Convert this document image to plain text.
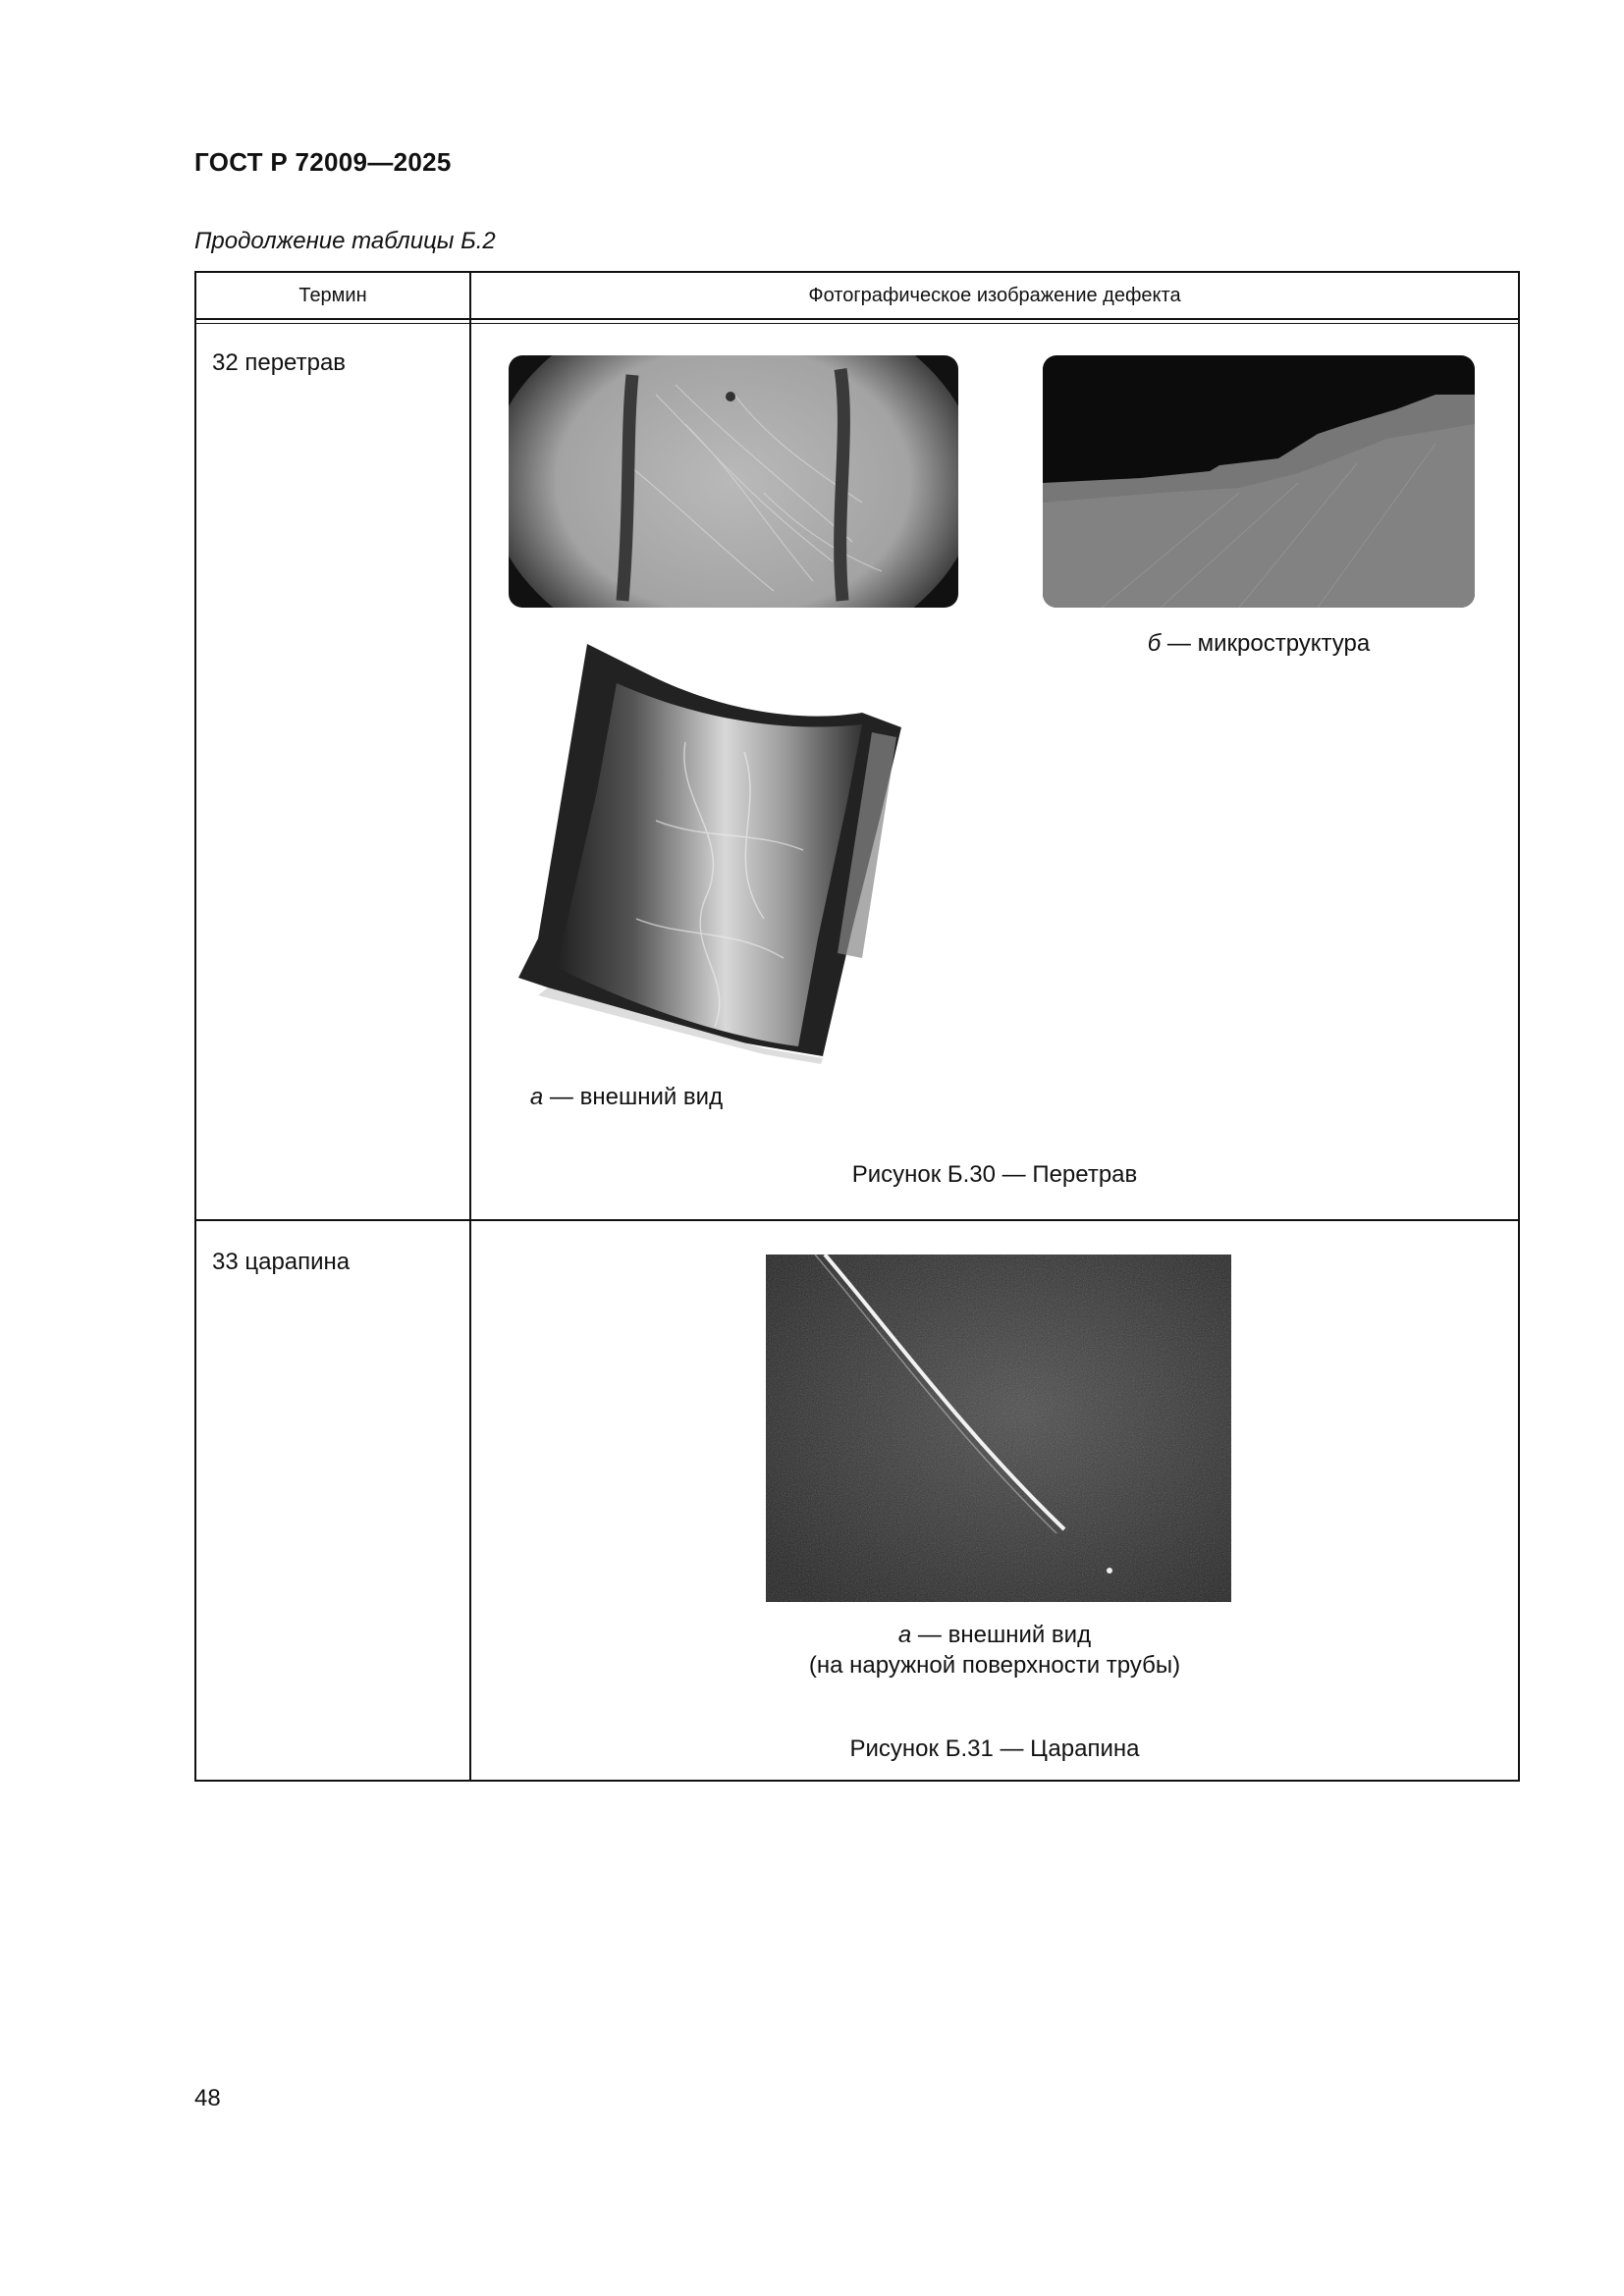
ГОСТ Р 72009—2025
Продолжение таблицы Б.2
Термин	Фотографическое изображение дефекта
32 перетрав
б — микроструктура
а — внешний вид
Рисунок Б.30 — Перетрав
33 царапина
а — внешний вид
(на наружной поверхности трубы)
Рисунок Б.31 — Царапина
48
